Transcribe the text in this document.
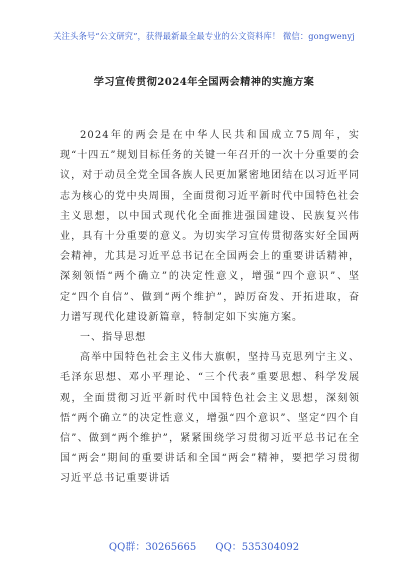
关注头条号“公文研究”，获得最新最全最专业的公文资料库！ 微信：gongwenyj
学习宣传贯彻2024年全国两会精神的实施方案

2024年的两会是在中华人民共和国成立75周年，实现“十四五”规划目标任务的关键一年召开的一次十分重要的会议，对于动员全党全国各族人民更加紧密地团结在以习近平同志为核心的党中央周围，全面贯彻习近平新时代中国特色社会主义思想，以中国式现代化全面推进强国建设、民族复兴伟业，具有十分重要的意义。为切实学习宣传贯彻落实好全国两会精神，尤其是习近平总书记在全国两会上的重要讲话精神，深刻领悟“两个确立”的决定性意义，增强“四个意识”、坚定“四个自信”、做到“两个维护”，踔厉奋发、开拓进取，奋力谱写现代化建设新篇章，特制定如下实施方案。

一、指导思想

高举中国特色社会主义伟大旗帜，坚持马克思列宁主义、毛泽东思想、邓小平理论、“三个代表”重要思想、科学发展观，全面贯彻习近平新时代中国特色社会主义思想，深刻领悟“两个确立”的决定性意义，增强“四个意识”、坚定“四个自信”、做到“两个维护”，紧紧围绕学习贯彻习近平总书记在全国“两会”期间的重要讲话和全国“两会”精神，要把学习贯彻习近平总书记重要讲话

QQ群：30265665 QQ：535304092
